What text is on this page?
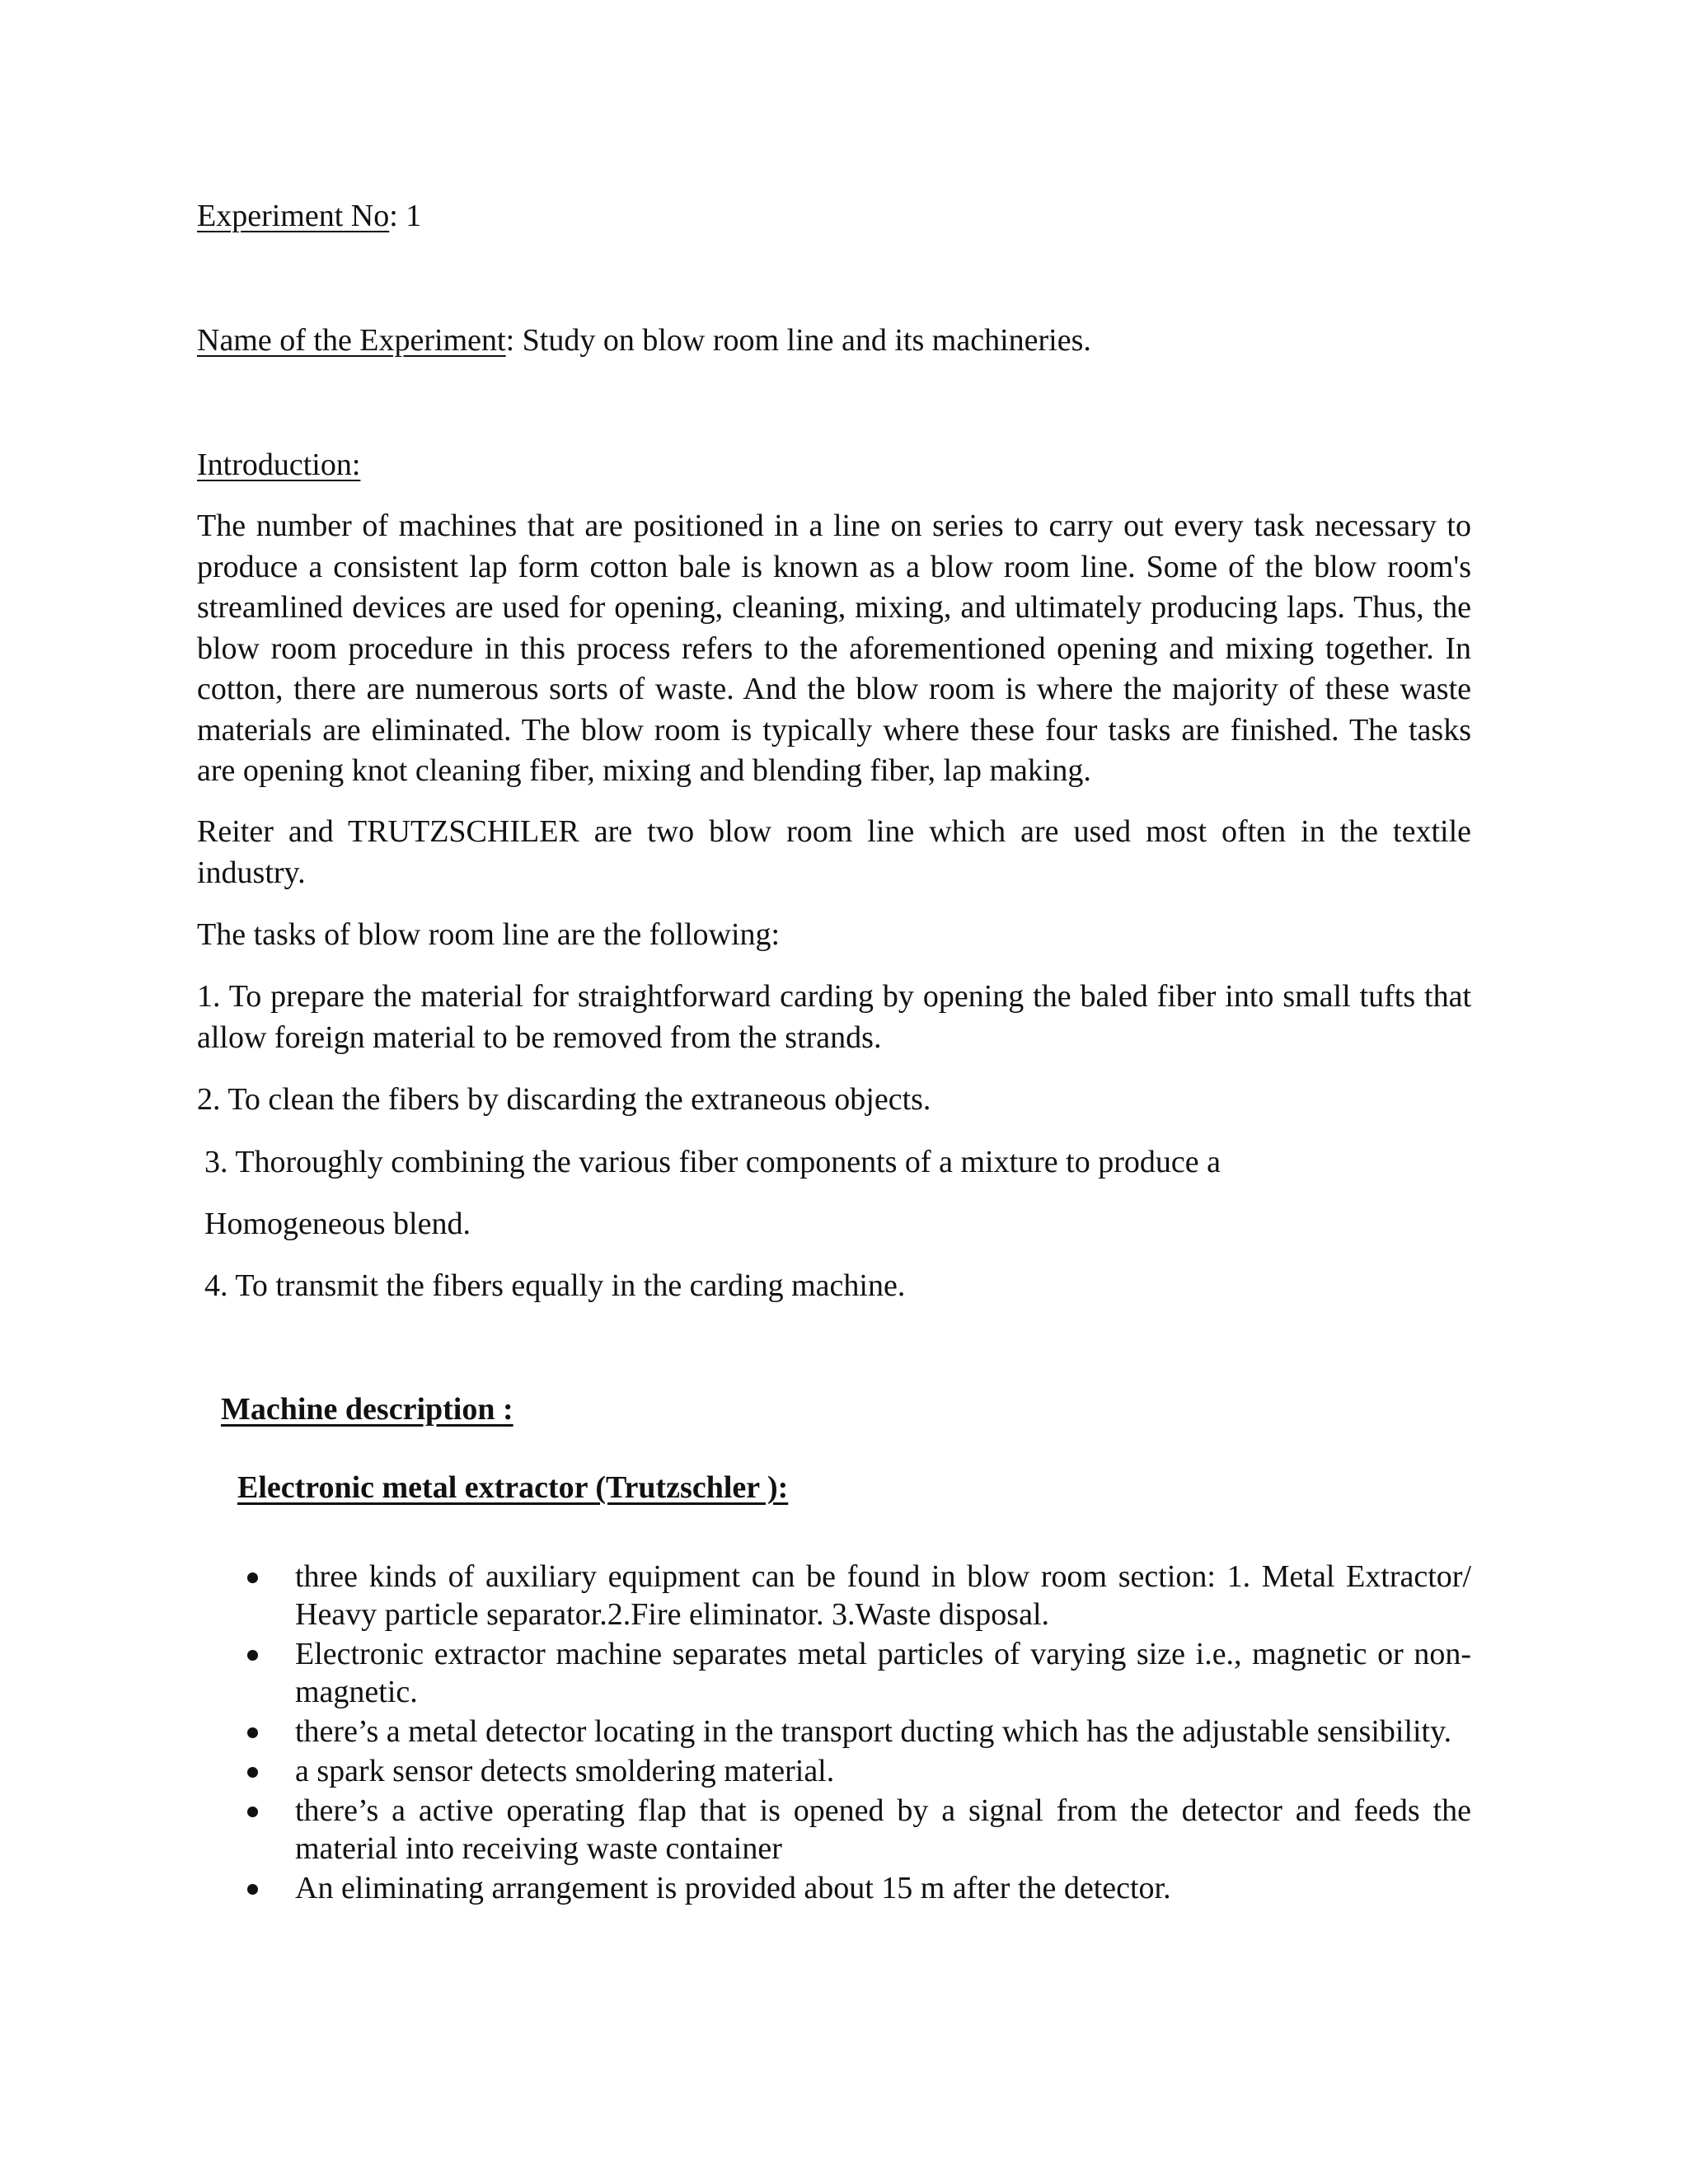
Experiment No: 1
Name of the Experiment: Study on blow room line and its machineries.
Introduction:

The number of machines that are positioned in a line on series to carry out every task necessary to produce a consistent lap form cotton bale is known as a blow room line. Some of the blow room's streamlined devices are used for opening, cleaning, mixing, and ultimately producing laps. Thus, the blow room procedure in this process refers to the aforementioned opening and mixing together. In cotton, there are numerous sorts of waste. And the blow room is where the majority of these waste materials are eliminated. The blow room is typically where these four tasks are finished. The tasks are opening knot cleaning fiber, mixing and blending fiber, lap making.

Reiter and TRUTZSCHILER are two blow room line which are used most often in the textile industry.

The tasks of blow room line are the following:

1. To prepare the material for straightforward carding by opening the baled fiber into small tufts that allow foreign material to be removed from the strands.

2. To clean the fibers by discarding the extraneous objects.

3. Thoroughly combining the various fiber components of a mixture to produce a
Homogeneous blend.
4. To transmit the fibers equally in the carding machine.
Machine description :
Electronic metal extractor (Trutzschler ):
three kinds of auxiliary equipment can be found in blow room section: 1. Metal Extractor/ Heavy particle separator.2.Fire eliminator. 3.Waste disposal.
Electronic extractor machine separates metal particles of varying size i.e., magnetic or non-magnetic.
there’s a metal detector locating in the transport ducting which has the adjustable sensibility.
a spark sensor detects smoldering material.
there’s a active operating flap that is opened by a signal from the detector and feeds the material into receiving waste container
An eliminating arrangement is provided about 15 m after the detector.
